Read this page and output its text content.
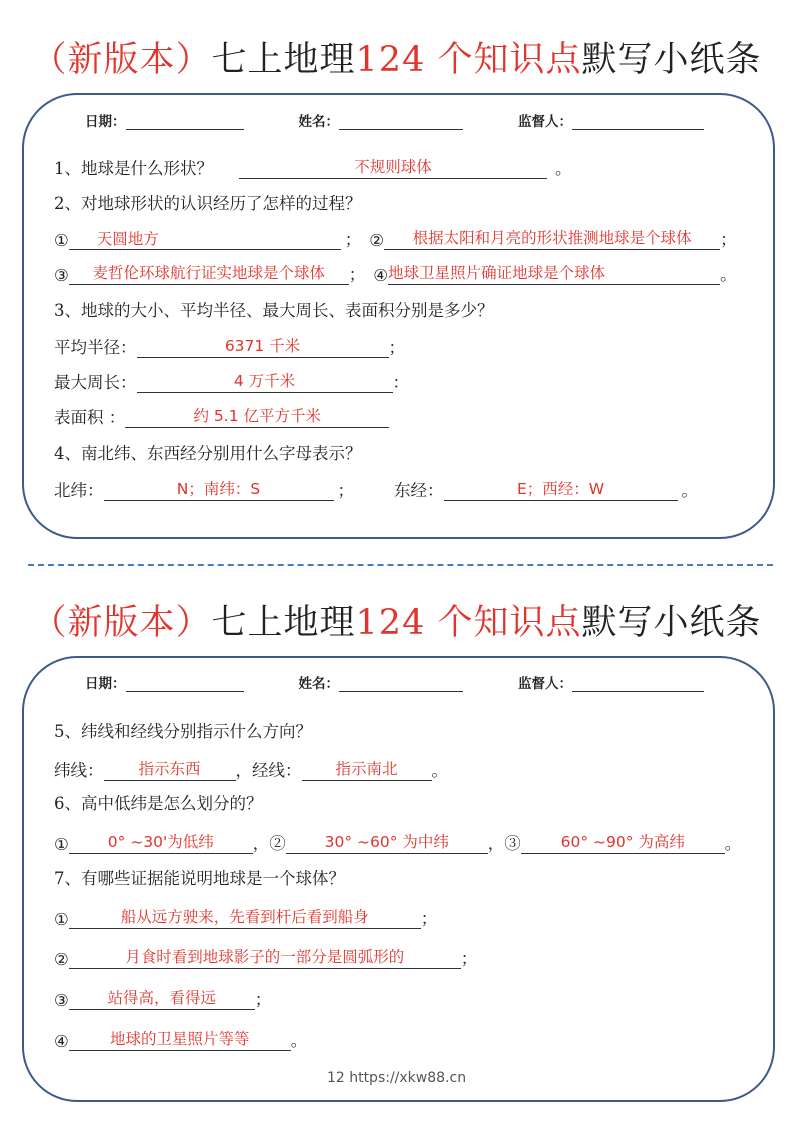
（新版本）七上地理124 个知识点默写小纸条
日期：	姓名：	监督人：
1、地球是什么形状？	不规则球体	。
2、对地球形状的认识经历了怎样的过程？
①	天圆地方	； ②	根据太阳和月亮的形状推测地球是个球体	；
③	麦哲伦环球航行证实地球是个球体	； ④ 地球卫星照片确证地球是个球体	。
3、地球的大小、平均半径、最大周长、表面积分别是多少？
平均半径：	6371 千米	；
最大周长：	4 万千米	：
表面积 ：	约 5.1 亿平方千米
4、南北纬、东西经分别用什么字母表示？
北纬：	N；南纬：S	； 东经：	E；西经：W	。
（新版本）七上地理124 个知识点默写小纸条
日期：	姓名：	监督人：
5、纬线和经线分别指示什么方向？
纬线：	指示东西	，经线：	指示南北	。
6、高中低纬是怎么划分的？
①	0° ~30'为低纬	，②	30° ~60° 为中纬	，③	60° ~90° 为高纬	。
7、有哪些证据能说明地球是一个球体？
①	船从远方驶来，先看到杆后看到船身	；
②	月食时看到地球影子的一部分是圆弧形的	；
③	站得高，看得远	；
④	地球的卫星照片等等	。
12 https://xkw88.cn
